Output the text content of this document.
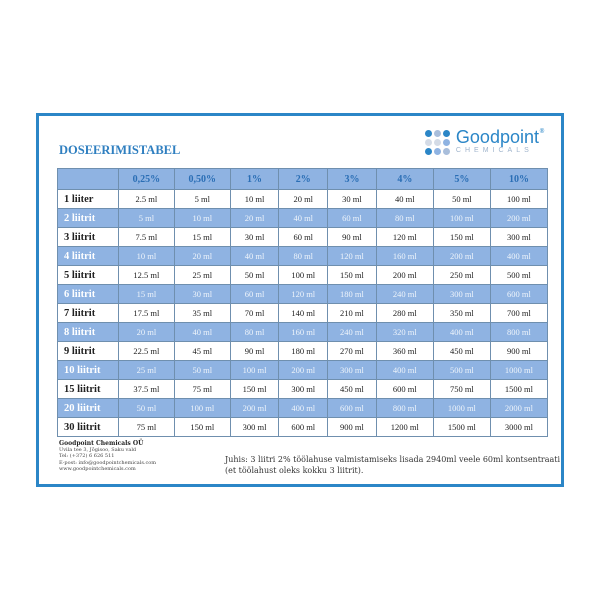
DOSEERIMISTABEL
Goodpoint
CHEMICALS
®
	0,25%	0,50%	1%	2%	3%	4%	5%	10%
1 liiter	2.5 ml	5 ml	10 ml	20 ml	30 ml	40 ml	50 ml	100 ml
2 liitrit	5 ml	10 ml	20 ml	40 ml	60 ml	80 ml	100 ml	200 ml
3 liitrit	7.5 ml	15 ml	30 ml	60 ml	90 ml	120 ml	150 ml	300 ml
4 liitrit	10 ml	20 ml	40 ml	80 ml	120 ml	160 ml	200 ml	400 ml
5 liitrit	12.5 ml	25 ml	50 ml	100 ml	150 ml	200 ml	250 ml	500 ml
6 liitrit	15 ml	30 ml	60 ml	120 ml	180 ml	240 ml	300 ml	600 ml
7 liitrit	17.5 ml	35 ml	70 ml	140 ml	210 ml	280 ml	350 ml	700 ml
8 liitrit	20 ml	40 ml	80 ml	160 ml	240 ml	320 ml	400 ml	800 ml
9 liitrit	22.5 ml	45 ml	90 ml	180 ml	270 ml	360 ml	450 ml	900 ml
10 liitrit	25 ml	50 ml	100 ml	200 ml	300 ml	400 ml	500 ml	1000 ml
15 liitrit	37.5 ml	75 ml	150 ml	300 ml	450 ml	600 ml	750 ml	1500 ml
20 liitrit	50 ml	100 ml	200 ml	400 ml	600 ml	800 ml	1000 ml	2000 ml
30 liitrit	75 ml	150 ml	300 ml	600 ml	900 ml	1200 ml	1500 ml	3000 ml
Goodpoint Chemicals OÜ
Uvila tee 3, Jõgisoo, Saku vald
Tel: (+372) 6 626 511
E-post: info@goodpointchemicals.com
www.goodpointchemicals.com
Juhis: 3 liitri 2% töölahuse valmistamiseks lisada 2940ml veele 60ml kontsentraati
(et töölahust oleks kokku 3 liitrit).
